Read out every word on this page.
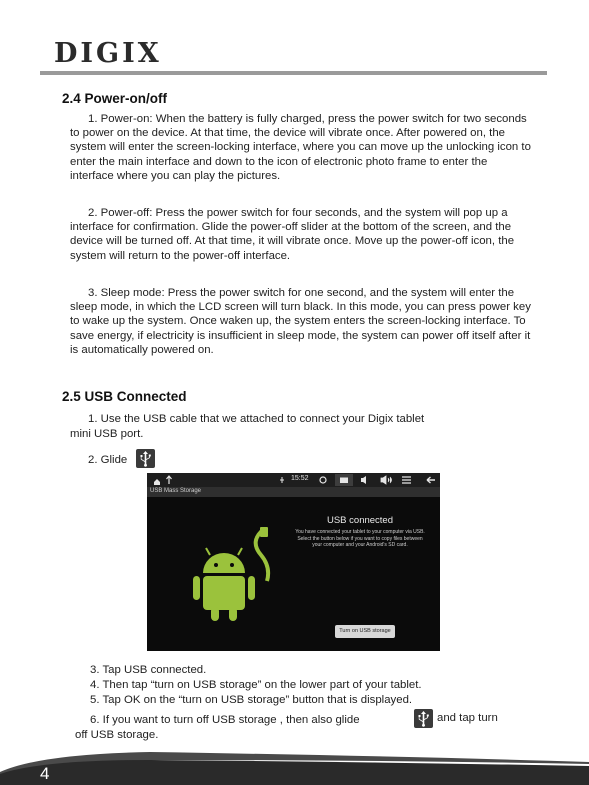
DIGIX
2.4 Power-on/off

1. Power-on: When the battery is fully charged, press the power switch for two seconds to power on the device. At that time, the device will vibrate once. After powered on, the system will enter the screen-locking interface, where you can move up the unlocking icon to enter the main interface and down to the icon of electronic photo frame to enter the interface where you can play the pictures.

2. Power-off: Press the power switch for four seconds, and the system will pop up a interface for confirmation. Glide the power-off slider at the bottom of the screen, and the device will be turned off. At that time, it will vibrate once. Move up the power-off icon, the system will return to the power-off interface.

3. Sleep mode: Press the power switch for one second, and the system will enter the sleep mode, in which the LCD screen will turn black. In this mode, you can press power key to wake up the system. Once waken up, the system enters the screen-locking interface. To save energy, if electricity is insufficient in sleep mode, the system can power off itself after it is automatically powered on.

2.5 USB Connected

1. Use the USB cable that we attached to connect your Digix tablet

mini USB port.

2. Glide

15:52
USB Mass Storage
USB connected
You have connected your tablet to your computer via USB. Select the button below if you want to copy files between your computer and your Android's SD card.
Turn on USB storage

3. Tap USB connected.

4. Then tap “turn on USB storage” on the lower part of your tablet.

5. Tap OK on the “turn on USB storage” button that is displayed.

6. If you want to turn off USB storage , then also glide	and tap turn

off USB storage.

4
